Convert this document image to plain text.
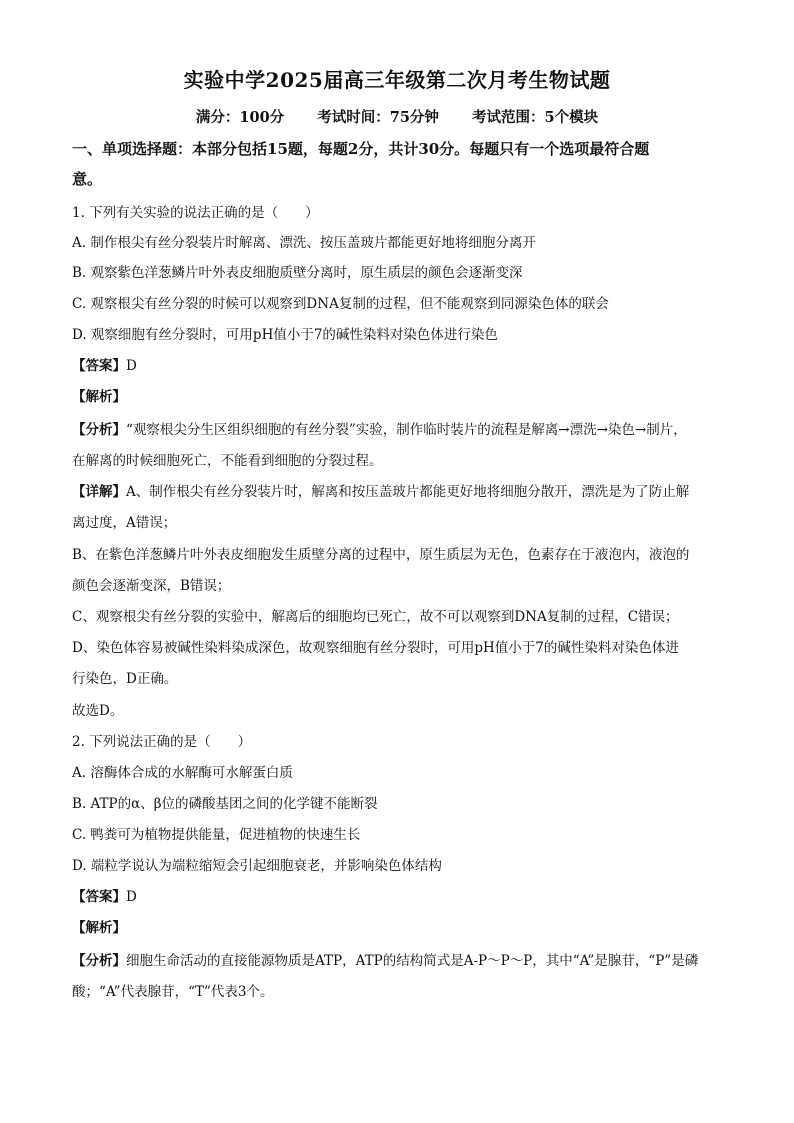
实验中学2025届高三年级第二次月考生物试题
满分：100分 考试时间：75分钟 考试范围：5个模块
一、单项选择题：本部分包括15题，每题2分，共计30分。每题只有一个选项最符合题
意。
1. 下列有关实验的说法正确的是（　　）
A. 制作根尖有丝分裂装片时解离、漂洗、按压盖玻片都能更好地将细胞分离开
B. 观察紫色洋葱鳞片叶外表皮细胞质壁分离时，原生质层的颜色会逐渐变深
C. 观察根尖有丝分裂的时候可以观察到DNA复制的过程，但不能观察到同源染色体的联会
D. 观察细胞有丝分裂时，可用pH值小于7的碱性染料对染色体进行染色
【答案】D
【解析】
【分析】“观察根尖分生区组织细胞的有丝分裂”实验，制作临时装片的流程是解离→漂洗→染色→制片，
在解离的时候细胞死亡，不能看到细胞的分裂过程。
【详解】A、制作根尖有丝分裂装片时，解离和按压盖玻片都能更好地将细胞分散开，漂洗是为了防止解
离过度，A错误；
B、在紫色洋葱鳞片叶外表皮细胞发生质壁分离的过程中，原生质层为无色，色素存在于液泡内，液泡的
颜色会逐渐变深，B错误；
C、观察根尖有丝分裂的实验中，解离后的细胞均已死亡，故不可以观察到DNA复制的过程，C错误；
D、染色体容易被碱性染料染成深色，故观察细胞有丝分裂时，可用pH值小于7的碱性染料对染色体进
行染色，D正确。
故选D。
2. 下列说法正确的是（　　）
A. 溶酶体合成的水解酶可水解蛋白质
B. ATP的α、β位的磷酸基团之间的化学键不能断裂
C. 鸭粪可为植物提供能量，促进植物的快速生长
D. 端粒学说认为端粒缩短会引起细胞衰老，并影响染色体结构
【答案】D
【解析】
【分析】细胞生命活动的直接能源物质是ATP，ATP的结构简式是A-P～P～P，其中“A”是腺苷，“P”是磷
酸；“A”代表腺苷，“T”代表3个。
